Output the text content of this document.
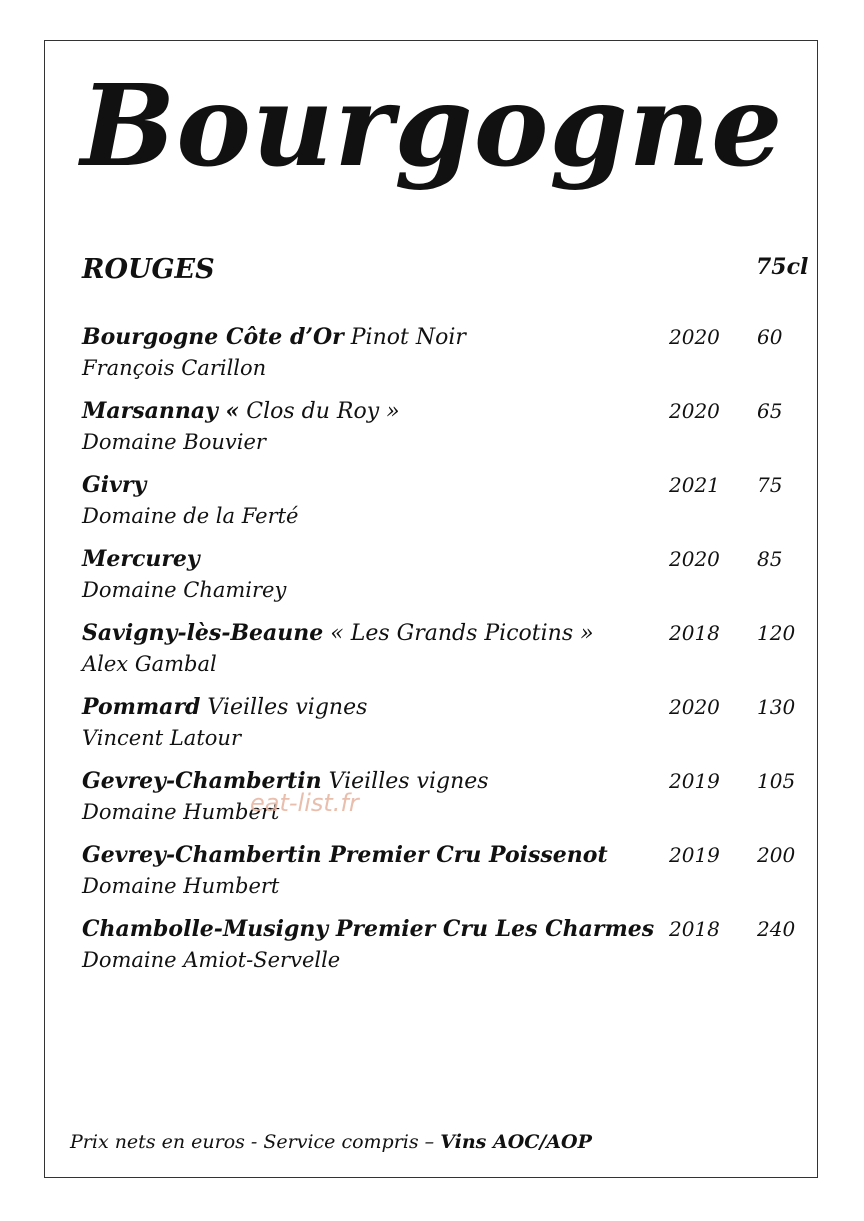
Bourgogne
ROUGES	75cl
Bourgogne Côte d’Or Pinot Noir
François Carillon
2020 60
Marsannay « Clos du Roy »
Domaine Bouvier
2020 65
Givry
Domaine de la Ferté
2021 75
Mercurey
Domaine Chamirey
2020 85
Savigny-lès-Beaune « Les Grands Picotins »
Alex Gambal
2018 120
Pommard Vieilles vignes
Vincent Latour
2020 130
Gevrey-Chambertin Vieilles vignes
Domaine Humbert
2019 105
Gevrey-Chambertin Premier Cru Poissenot
Domaine Humbert
2019 200
Chambolle-Musigny Premier Cru Les Charmes
Domaine Amiot-Servelle
2018 240
eat-list.fr
Prix nets en euros - Service compris – Vins AOC/AOP
